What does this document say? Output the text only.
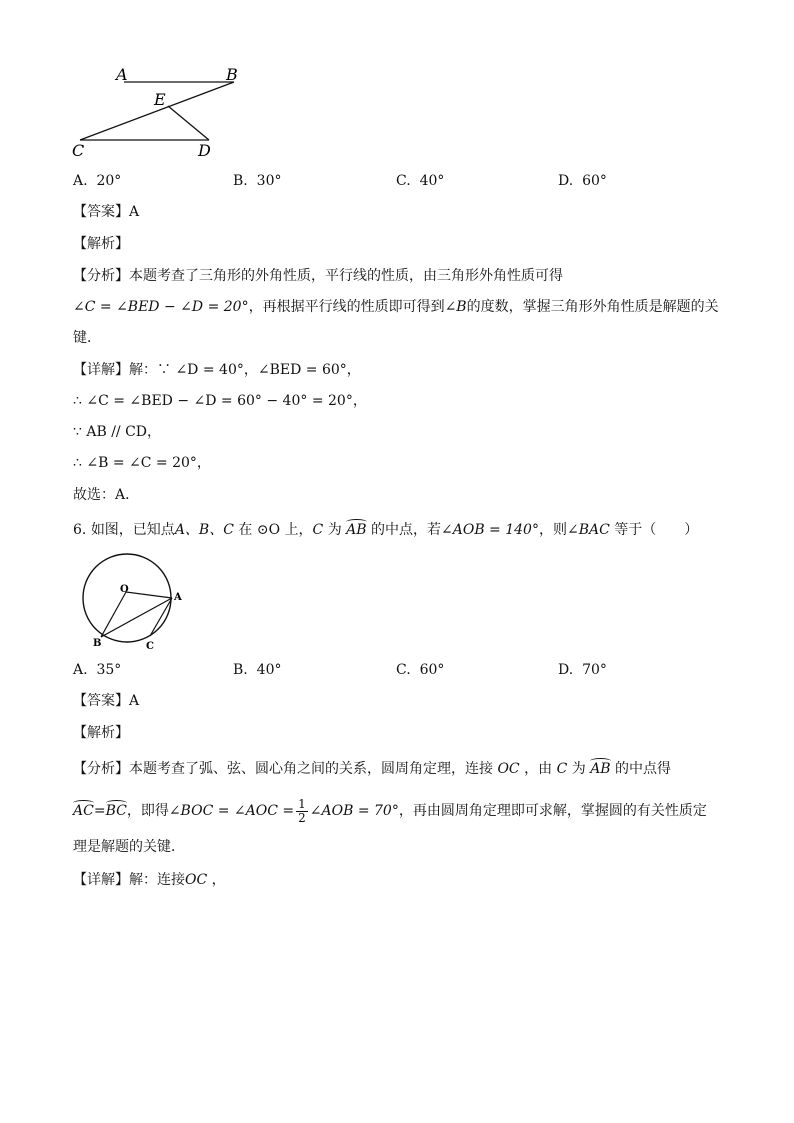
A	B
E
C	D
A. 20°	B. 30°	C. 40°	D. 60°
【答案】A
【解析】
【分析】本题考查了三角形的外角性质，平行线的性质，由三角形外角性质可得
∠C = ∠BED − ∠D = 20°，再根据平行线的性质即可得到∠B的度数，掌握三角形外角性质是解题的关
键．
【详解】解：∵ ∠D = 40°，∠BED = 60°，
∴ ∠C = ∠BED − ∠D = 60° − 40° = 20°，
∵ AB // CD，
∴ ∠B = ∠C = 20°，
故选：A．
6. 如图，已知点A、B、C 在 ⊙O 上，C 为 AB 的中点，若∠AOB = 140°，则∠BAC 等于（　　）
O
A
B	C
A. 35°	B. 40°	C. 60°	D. 70°
【答案】A
【解析】
【分析】本题考查了弧、弦、圆心角之间的关系，圆周角定理，连接 OC ，由 C 为 AB 的中点得
AC = BC ，即得 ∠BOC = ∠AOC = $\frac{1}{2}$ ∠AOB = 70° ，再由圆周角定理即可求解，掌握圆的有关性质定
理是解题的关键．
【详解】解：连接OC ，
